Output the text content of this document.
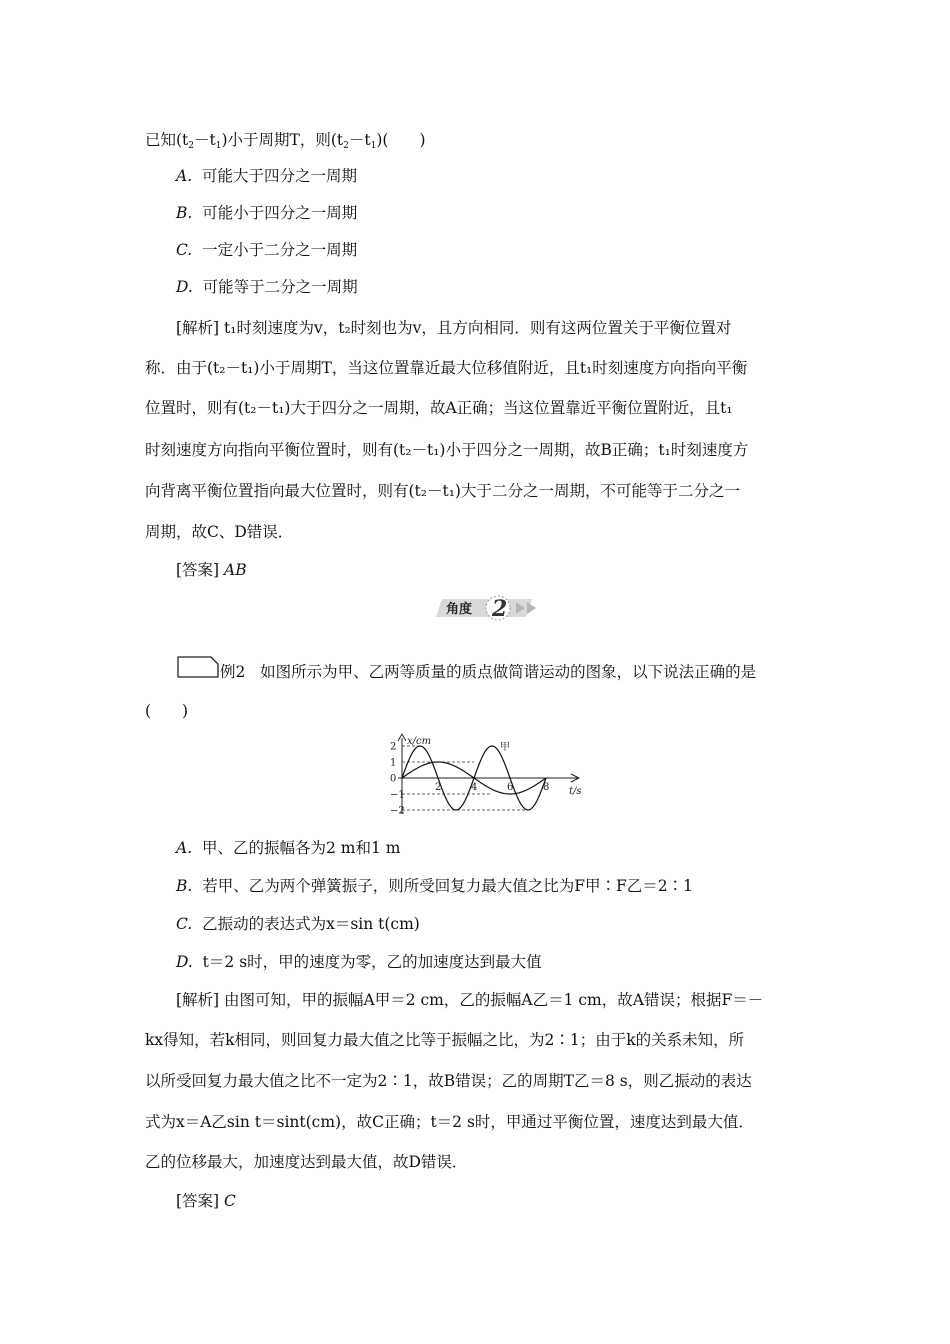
已知$(t_2-t_1)$小于周期T，则$(t_2-t_1)$(　　)
A. 可能大于四分之一周期
B. 可能小于四分之一周期
C. 一定小于二分之一周期
D. 可能等于二分之一周期
[解析] t₁时刻速度为v，t₂时刻也为v，且方向相同．则有这两位置关于平衡位置对
称．由于(t₂－t₁)小于周期T，当这位置靠近最大位移值附近，且t₁时刻速度方向指向平衡
位置时，则有(t₂－t₁)大于四分之一周期，故A正确；当这位置靠近平衡位置附近，且t₁
时刻速度方向指向平衡位置时，则有(t₂－t₁)小于四分之一周期，故B正确；t₁时刻速度方
向背离平衡位置指向最大位置时，则有(t₂－t₁)大于二分之一周期，不可能等于二分之一
周期，故C、D错误．
[答案] AB
角度 2
例2 如图所示为甲、乙两等质量的质点做简谐运动的图象，以下说法正确的是
(　　)
x/cm
t/s
甲
2
1
0
−1
−2
2	4	6	8
A. 甲、乙的振幅各为2 m和1 m
B. 若甲、乙为两个弹簧振子，则所受回复力最大值之比为F甲∶F乙＝2∶1
C. 乙振动的表达式为x＝sin t(cm)
D. t＝2 s时，甲的速度为零，乙的加速度达到最大值
[解析] 由图可知，甲的振幅A甲＝2 cm，乙的振幅A乙＝1 cm，故A错误；根据F＝－
kx得知，若k相同，则回复力最大值之比等于振幅之比，为2∶1；由于k的关系未知，所
以所受回复力最大值之比不一定为2∶1，故B错误；乙的周期T乙＝8 s，则乙振动的表达
式为x＝A乙sin t＝sint(cm)，故C正确；t＝2 s时，甲通过平衡位置，速度达到最大值．
乙的位移最大，加速度达到最大值，故D错误．
[答案] C
